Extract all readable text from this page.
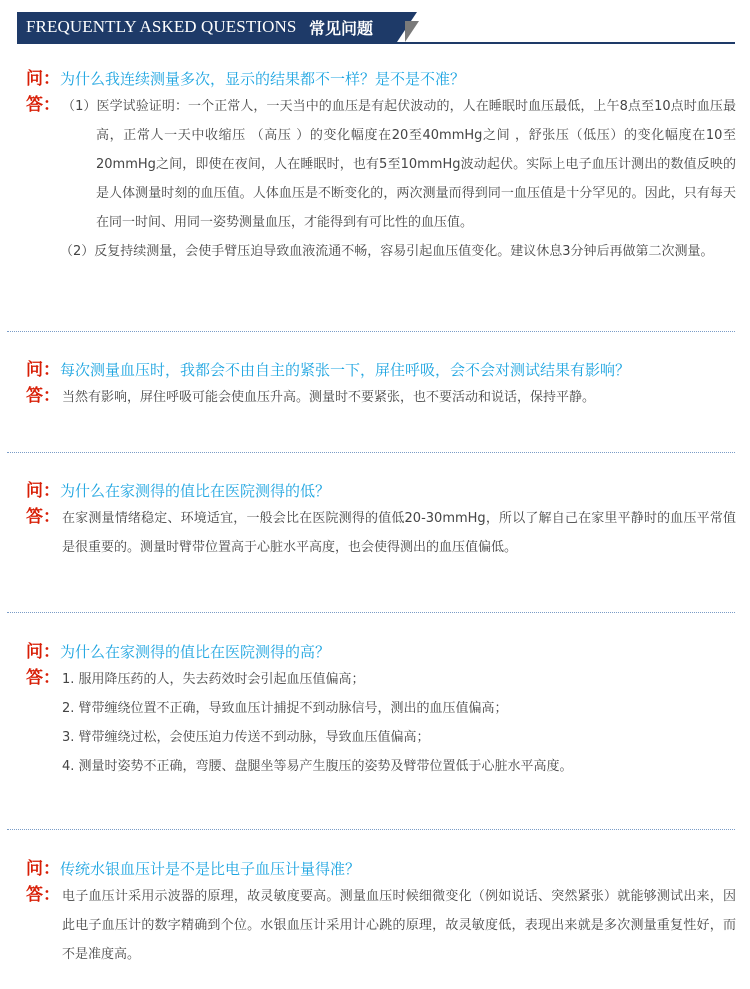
FREQUENTLY ASKED QUESTIONS 常见问题
问：为什么我连续测量多次，显示的结果都不一样？是不是不准？
答： （1）医学试验证明：一个正常人，一天当中的血压是有起伏波动的，人在睡眠时血压最低，上午8点至10点时血压最高，正常人一天中收缩压 （高压 ）的变化幅度在20至40mmHg之间 ，舒张压（低压）的变化幅度在10至20mmHg之间，即使在夜间，人在睡眠时，也有5至10mmHg波动起伏。实际上电子血压计测出的数值反映的是人体测量时刻的血压值。人体血压是不断变化的，两次测量而得到同一血压值是十分罕见的。因此，只有每天在同一时间、用同一姿势测量血压，才能得到有可比性的血压值。
（2）反复持续测量，会使手臂压迫导致血液流通不畅，容易引起血压值变化。建议休息3分钟后再做第二次测量。
问：每次测量血压时，我都会不由自主的紧张一下，屏住呼吸，会不会对测试结果有影响？
答： 当然有影响，屏住呼吸可能会使血压升高。测量时不要紧张，也不要活动和说话，保持平静。
问：为什么在家测得的值比在医院测得的低？
答： 在家测量情绪稳定、环境适宜，一般会比在医院测得的值低20-30mmHg，所以了解自己在家里平静时的血压平常值是很重要的。测量时臂带位置高于心脏水平高度，也会使得测出的血压值偏低。
问：为什么在家测得的值比在医院测得的高？
答： 1. 服用降压药的人，失去药效时会引起血压值偏高；
2. 臂带缠绕位置不正确，导致血压计捕捉不到动脉信号，测出的血压值偏高；
3. 臂带缠绕过松，会使压迫力传送不到动脉，导致血压值偏高；
4. 测量时姿势不正确，弯腰、盘腿坐等易产生腹压的姿势及臂带位置低于心脏水平高度。
问：传统水银血压计是不是比电子血压计量得准？
答： 电子血压计采用示波器的原理，故灵敏度要高。测量血压时候细微变化（例如说话、突然紧张）就能够测试出来，因此电子血压计的数字精确到个位。水银血压计采用计心跳的原理，故灵敏度低，表现出来就是多次测量重复性好，而不是准度高。
